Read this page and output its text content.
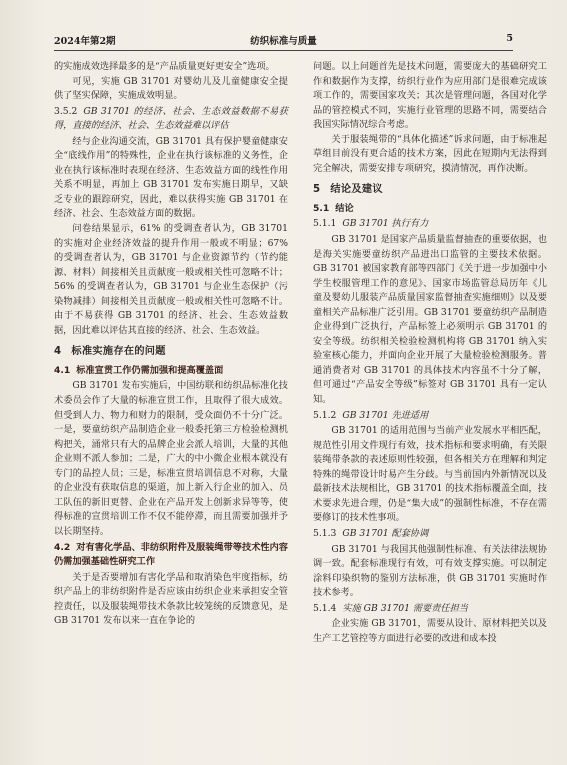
2024年第2期	纺织标准与质量	5

的实施成效选择最多的是“产品质量更好更安全”选项。

可见，实施 GB 31701 对婴幼儿及儿童健康安全提供了坚实保障，实施成效明显。

3.5.2 GB 31701 的经济、社会、生态效益数据不易获得，直接的经济、社会、生态效益难以评估

经与企业沟通交流，GB 31701 具有保护婴童健康安全“底线作用”的特殊性，企业在执行该标准的义务性，企业在执行该标准时表现在经济、生态效益方面的线性作用关系不明显，再加上 GB 31701 发布实施日期早，又缺乏专业的跟踪研究，因此，难以获得实施 GB 31701 在经济、社会、生态效益方面的数据。

问卷结果显示，61% 的受调查者认为，GB 31701 的实施对企业经济效益的提升作用一般或不明显；67% 的受调查者认为，GB 31701 与企业资源节约（节约能源、材料）间接相关且贡献度一般或相关性可忽略不计；56% 的受调查者认为，GB 31701 与企业生态保护（污染物减排）间接相关且贡献度一般或相关性可忽略不计。由于不易获得 GB 31701 的经济、社会、生态效益数据，因此难以评估其直接的经济、社会、生态效益。

4 标准实施存在的问题
4.1 标准宣贯工作仍需加强和提高覆盖面

GB 31701 发布实施后，中国纺联和纺织品标准化技术委员会作了大量的标准宣贯工作，且取得了很大成效。但受到人力、物力和财力的限制，受众面仍不十分广泛。一是，要童纺织产品制造企业一般委托第三方检验检测机构把关，涌常只有大的品牌企业会派人培训，大量的其他企业则不派人参加；二是，广大的中小微企业根本就没有专门的品控人员；三是，标准宣贯培训信息不对称，大量的企业没有获取信息的渠道，加上新入行企业的加入、员工队伍的新旧更替、企业在产品开发上创新求异等等，使得标准的宣贯培训工作不仅不能停滞，而且需要加强并予以长期坚持。

4.2 对有害化学品、非纺织附件及服装绳带等技术性内容仍需加强基础性研究工作

关于是否要增加有害化学品和取消染色牢度指标，纺织产品上的非纺织附件是否应该由纺织企业来承担安全管控责任，以及服装绳带技术条款比较笼统的反馈意见，是 GB 31701 发布以来一直在争论的

问题。以上问题首先是技术问题，需要庞大的基础研究工作和数据作为支撑，纺织行业作为应用部门是很难完成该项工作的，需要国家攻关；其次是管理问题，各国对化学品的管控模式不同，实施行业管理的思路不同，需要结合我国实际情况综合考虑。

关于服装绳带的“具体化描述”诉求问题，由于标准起草组目前没有更合适的技术方案，因此在短期内无法得到完全解决，需要安排专项研究，摸清情况，再作决断。

5 结论及建议
5.1 结论
5.1.1 GB 31701 执行有力

GB 31701 是国家产品质量监督抽查的重要依据，也是海关实施要童纺织产品进出口监管的主要技术依据。GB 31701 被国家教育部等四部门《关于进一步加强中小学生校服管理工作的意见》、国家市场监管总局历年《儿童及婴幼儿服装产品质量国家监督抽查实施细则》以及要童相关产品标准广泛引用。GB 31701 要童纺织产品制造企业得到广泛执行，产品标签上必须明示 GB 31701 的安全等级。纺织相关检验检测机构将 GB 31701 纳入实验室核心能力，并面向企业开展了大量检验检测服务。普通消费者对 GB 31701 的具体技术内容虽不十分了解，但可通过“产品安全等级”标签对 GB 31701 具有一定认知。

5.1.2 GB 31701 先进适用

GB 31701 的适用范围与当前产业发展水平相匹配，规范性引用文件现行有效，技术指标和要求明确，有关限装绳带条款的表述原则性较强，但各相关方在理解和判定特殊的绳带设计时易产生分歧。与当前国内外新情况以及最新技术法规相比，GB 31701 的技术指标覆盖全面，技术要求先进合理，仍是“集大成”的强制性标准，不存在需要修订的技术性事项。

5.1.3 GB 31701 配套协调

GB 31701 与我国其他强制性标准、有关法律法规协调一致。配套标准现行有效，可有效支撑实施。可以制定涂料印染织物的鉴别方法标准，供 GB 31701 实施时作技术参考。

5.1.4 实施 GB 31701 需要责任担当

企业实施 GB 31701，需要从设计、原材料把关以及生产工艺管控等方面进行必要的改进和成本投
